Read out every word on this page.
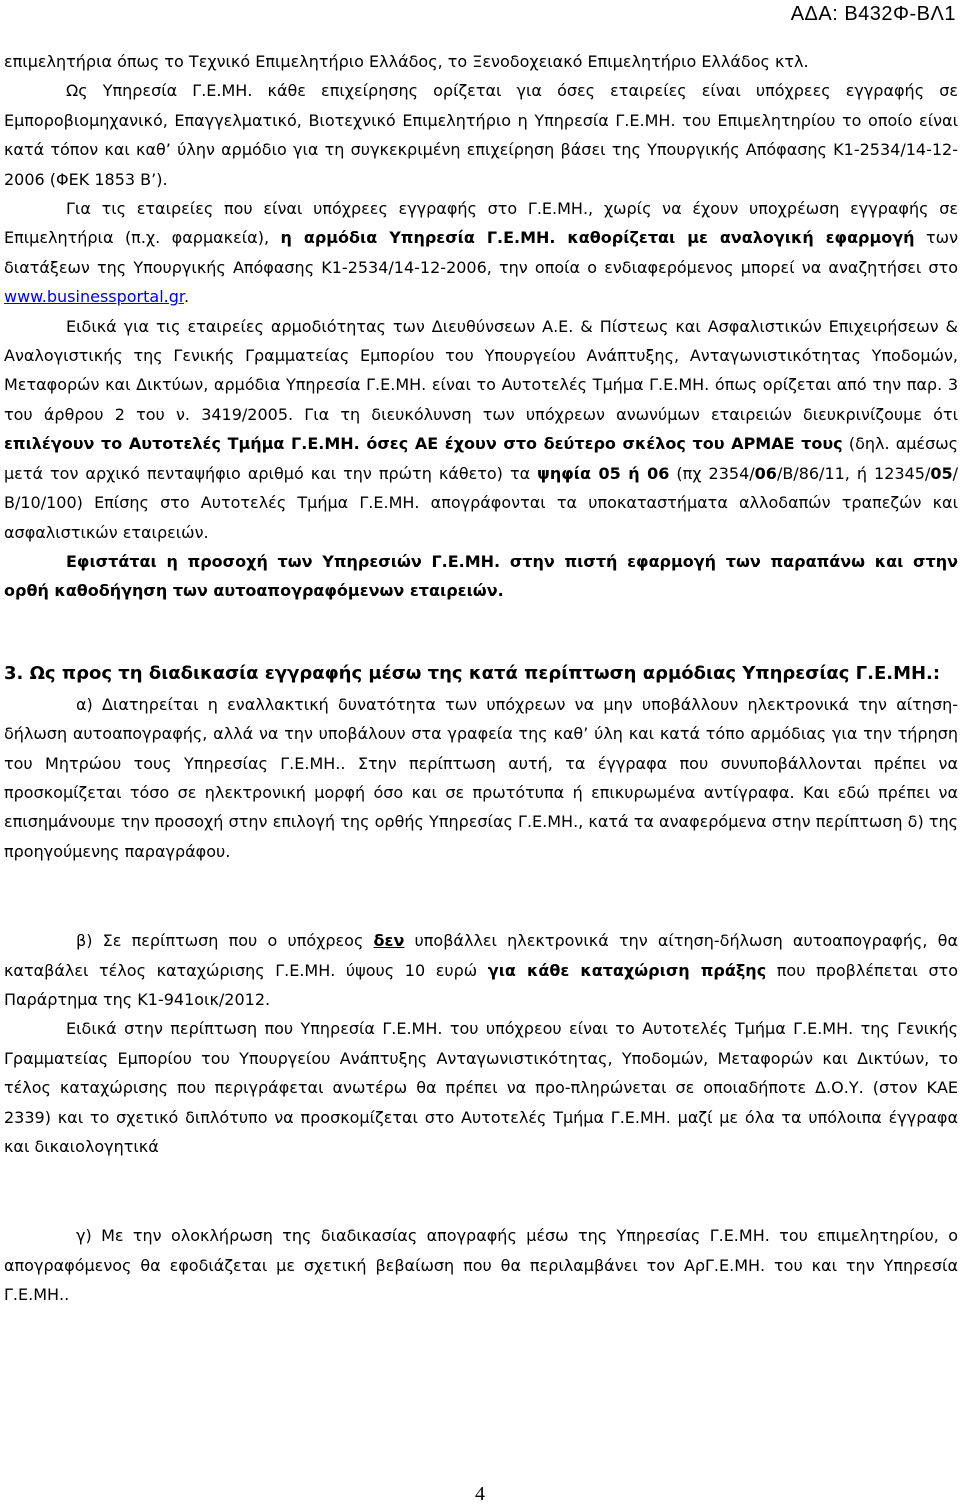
ΑΔΑ: Β432Φ-ΒΛ1

επιμελητήρια όπως το Τεχνικό Επιμελητήριο Ελλάδος, το Ξενοδοχειακό Επιμελητήριο Ελλάδος κτλ.

Ως Υπηρεσία Γ.Ε.ΜΗ. κάθε επιχείρησης ορίζεται για όσες εταιρείες είναι υπόχρεες εγγραφής σε Εμποροβιομηχανικό, Επαγγελματικό, Βιοτεχνικό Επιμελητήριο η Υπηρεσία Γ.Ε.ΜΗ. του Επιμελητηρίου το οποίο είναι κατά τόπον και καθ’ ύλην αρμόδιο για τη συγκεκριμένη επιχείρηση βάσει της Υπουργικής Απόφασης Κ1-2534/14-12-2006 (ΦΕΚ 1853 Β’).

Για τις εταιρείες που είναι υπόχρεες εγγραφής στο Γ.Ε.ΜΗ., χωρίς να έχουν υποχρέωση εγγραφής σε Επιμελητήρια (π.χ. φαρμακεία), η αρμόδια Υπηρεσία Γ.Ε.ΜΗ. καθορίζεται με αναλογική εφαρμογή των διατάξεων της Υπουργικής Απόφασης Κ1-2534/14-12-2006, την οποία ο ενδιαφερόμενος μπορεί να αναζητήσει στο www.businessportal.gr.

Ειδικά για τις εταιρείες αρμοδιότητας των Διευθύνσεων Α.Ε. & Πίστεως και Ασφαλιστικών Επιχειρήσεων & Αναλογιστικής της Γενικής Γραμματείας Εμπορίου του Υπουργείου Ανάπτυξης, Ανταγωνιστικότητας Υποδομών, Μεταφορών και Δικτύων, αρμόδια Υπηρεσία Γ.Ε.ΜΗ. είναι το Αυτοτελές Τμήμα Γ.Ε.ΜΗ. όπως ορίζεται από την παρ. 3 του άρθρου 2 του ν. 3419/2005. Για τη διευκόλυνση των υπόχρεων ανωνύμων εταιρειών διευκρινίζουμε ότι επιλέγουν το Αυτοτελές Τμήμα Γ.Ε.ΜΗ. όσες ΑΕ έχουν στο δεύτερο σκέλος του ΑΡΜΑΕ τους (δηλ. αμέσως μετά τον αρχικό πενταψήφιο αριθμό και την πρώτη κάθετο) τα ψηφία 05 ή 06 (πχ 2354/06/Β/86/11, ή 12345/05/Β/10/100) Επίσης στο Αυτοτελές Τμήμα Γ.Ε.ΜΗ. απογράφονται τα υποκαταστήματα αλλοδαπών τραπεζών και ασφαλιστικών εταιρειών.

Εφιστάται η προσοχή των Υπηρεσιών Γ.Ε.ΜΗ. στην πιστή εφαρμογή των παραπάνω και στην ορθή καθοδήγηση των αυτοαπογραφόμενων εταιρειών.

3. Ως προς τη διαδικασία εγγραφής μέσω της κατά περίπτωση αρμόδιας Υπηρεσίας Γ.Ε.ΜΗ.:

α) Διατηρείται η εναλλακτική δυνατότητα των υπόχρεων να μην υποβάλλουν ηλεκτρονικά την αίτηση-δήλωση αυτοαπογραφής, αλλά να την υποβάλουν στα γραφεία της καθ’ ύλη και κατά τόπο αρμόδιας για την τήρηση του Μητρώου τους Υπηρεσίας Γ.Ε.ΜΗ.. Στην περίπτωση αυτή, τα έγγραφα που συνυποβάλλονται πρέπει να προσκομίζεται τόσο σε ηλεκτρονική μορφή όσο και σε πρωτότυπα ή επικυρωμένα αντίγραφα. Και εδώ πρέπει να επισημάνουμε την προσοχή στην επιλογή της ορθής Υπηρεσίας Γ.Ε.ΜΗ., κατά τα αναφερόμενα στην περίπτωση δ) της προηγούμενης παραγράφου.

β) Σε περίπτωση που ο υπόχρεος δεν υποβάλλει ηλεκτρονικά την αίτηση-δήλωση αυτοαπογραφής, θα καταβάλει τέλος καταχώρισης Γ.Ε.ΜΗ. ύψους 10 ευρώ για κάθε καταχώριση πράξης που προβλέπεται στο Παράρτημα της Κ1-941οικ/2012.

Ειδικά στην περίπτωση που Υπηρεσία Γ.Ε.ΜΗ. του υπόχρεου είναι το Αυτοτελές Τμήμα Γ.Ε.ΜΗ. της Γενικής Γραμματείας Εμπορίου του Υπουργείου Ανάπτυξης Ανταγωνιστικότητας, Υποδομών, Μεταφορών και Δικτύων, το τέλος καταχώρισης που περιγράφεται ανωτέρω θα πρέπει να προ-πληρώνεται σε οποιαδήποτε Δ.Ο.Υ. (στον ΚΑΕ 2339) και το σχετικό διπλότυπο να προσκομίζεται στο Αυτοτελές Τμήμα Γ.Ε.ΜΗ. μαζί με όλα τα υπόλοιπα έγγραφα και δικαιολογητικά

γ) Με την ολοκλήρωση της διαδικασίας απογραφής μέσω της Υπηρεσίας Γ.Ε.ΜΗ. του επιμελητηρίου, ο απογραφόμενος θα εφοδιάζεται με σχετική βεβαίωση που θα περιλαμβάνει τον ΑρΓ.Ε.ΜΗ. του και την Υπηρεσία Γ.Ε.ΜΗ..

4
